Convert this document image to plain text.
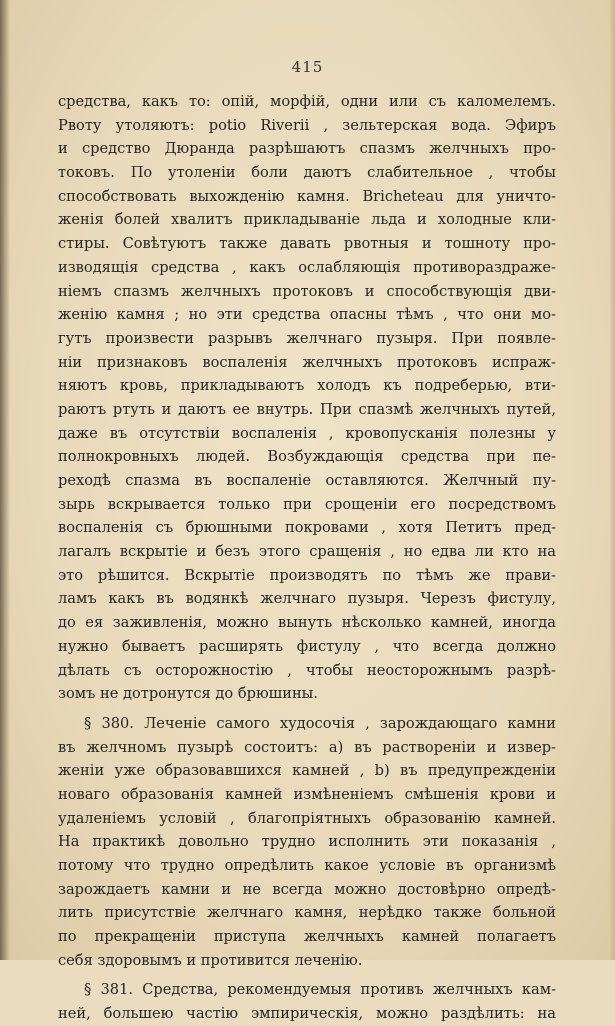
415
средства, какъ то: опій, морфій, одни или съ каломелемъ.
Рвоту утоляютъ: potio Riverii , зельтерская вода. Эфиръ
и средство Дюранда разрѣшаютъ спазмъ желчныхъ про-
токовъ. По утоленіи боли даютъ слабительное , чтобы
способствовать выхожденію камня. Bricheteau для уничто-
женія болей хвалитъ прикладываніе льда и холодные кли-
стиры. Совѣтуютъ также давать рвотныя и тошноту про-
изводящія средства , какъ ослабляющія противораздраже-
ніемъ спазмъ желчныхъ протоковъ и способствующія дви-
женію камня ; но эти средства опасны тѣмъ , что они мо-
гутъ произвести разрывъ желчнаго пузыря. При появле-
ніи признаковъ воспаленія желчныхъ протоковъ испраж-
няютъ кровь, прикладываютъ холодъ къ подреберью, вти-
раютъ ртуть и даютъ ее внутрь. При спазмѣ желчныхъ путей,
даже въ отсутствіи воспаленія , кровопусканія полезны у
полнокровныхъ людей. Возбуждающія средства при пе-
реходѣ спазма въ воспаленіе оставляются. Желчный пу-
зырь вскрывается только при срощеніи его посредствомъ
воспаленія съ брюшными покровами , хотя Петитъ пред-
лагалъ вскрытіе и безъ этого сращенія , но едва ли кто на
это рѣшится. Вскрытіе производятъ по тѣмъ же прави-
ламъ какъ въ водянкѣ желчнаго пузыря. Черезъ фистулу,
до ея заживленія, можно вынуть нѣсколько камней, иногда
нужно бываетъ расширять фистулу , что всегда должно
дѣлать съ осторожностію , чтобы неосторожнымъ разрѣ-
зомъ не дотронутся до брюшины.
§ 380. Леченіе самого худосочія , зарождающаго камни
въ желчномъ пузырѣ состоитъ: а) въ раствореніи и извер-
женіи уже образовавшихся камней , b) въ предупрежденіи
новаго образованія камней измѣненіемъ смѣшенія крови и
удаленіемъ условій , благопріятныхъ образованію камней.
На практикѣ довольно трудно исполнить эти показанія ,
потому что трудно опредѣлить какое условіе въ организмѣ
зарождаетъ камни и не всегда можно достовѣрно опредѣ-
лить присутствіе желчнаго камня, нерѣдко также больной
по прекращеніи приступа желчныхъ камней полагаетъ
себя здоровымъ и противится леченію.
§ 381. Средства, рекомендуемыя противъ желчныхъ кам-
ней, большею частію эмпирическія, можно раздѣлить: на
